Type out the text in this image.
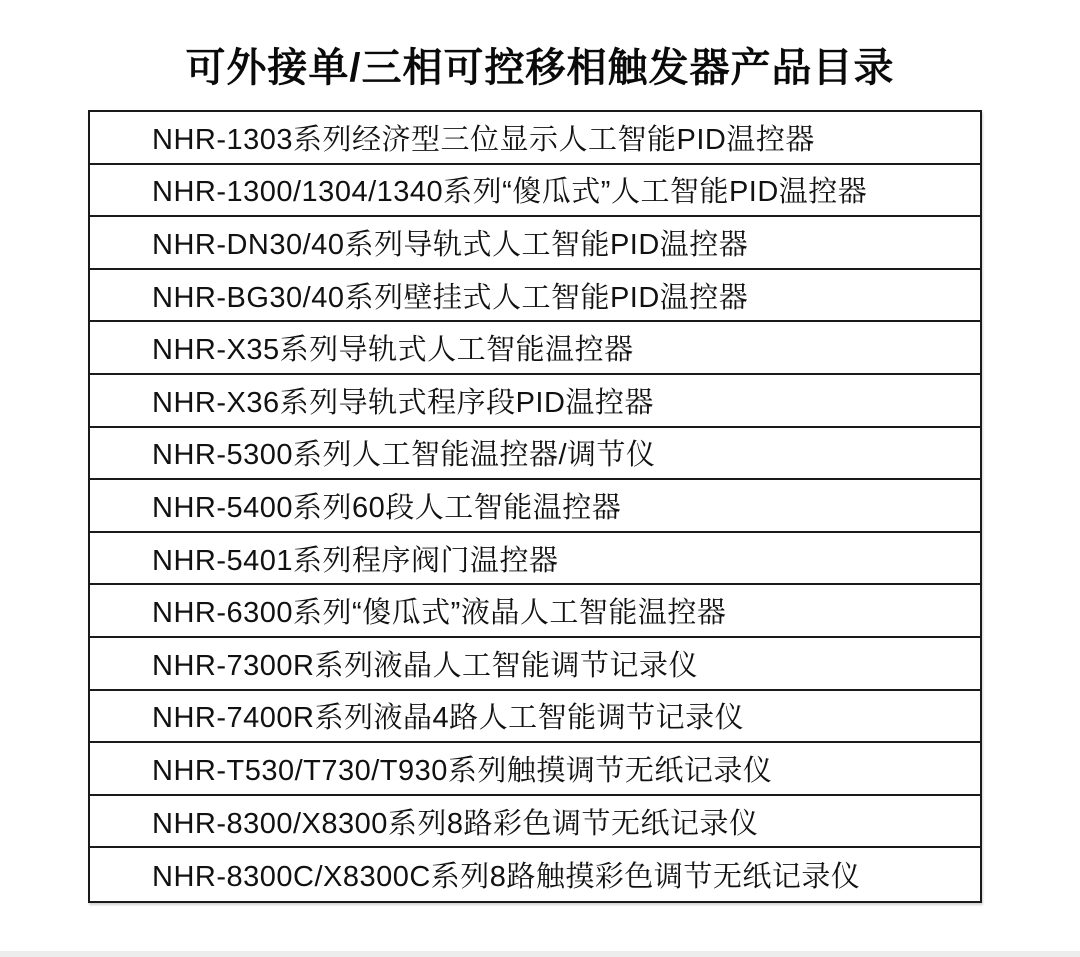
可外接单/三相可控移相触发器产品目录
NHR-1303系列经济型三位显示人工智能PID温控器
NHR-1300/1304/1340系列“傻瓜式”人工智能PID温控器
NHR-DN30/40系列导轨式人工智能PID温控器
NHR-BG30/40系列壁挂式人工智能PID温控器
NHR-X35系列导轨式人工智能温控器
NHR-X36系列导轨式程序段PID温控器
NHR-5300系列人工智能温控器/调节仪
NHR-5400系列60段人工智能温控器
NHR-5401系列程序阀门温控器
NHR-6300系列“傻瓜式”液晶人工智能温控器
NHR-7300R系列液晶人工智能调节记录仪
NHR-7400R系列液晶4路人工智能调节记录仪
NHR-T530/T730/T930系列触摸调节无纸记录仪
NHR-8300/X8300系列8路彩色调节无纸记录仪
NHR-8300C/X8300C系列8路触摸彩色调节无纸记录仪
